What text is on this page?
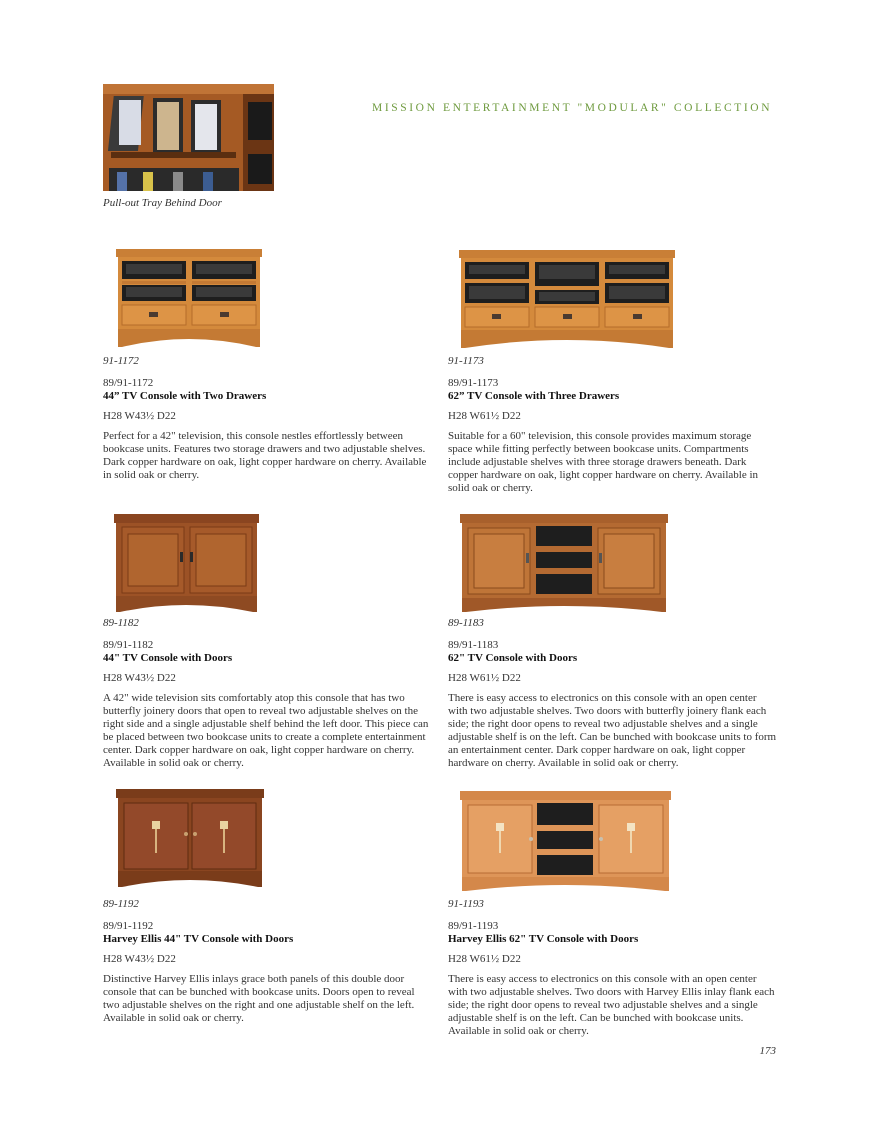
Pull-out Tray Behind Door
MISSION ENTERTAINMENT "MODULAR" COLLECTION
91-1172
89/91-1172
44” TV Console with Two Drawers
H28 W43½ D22
Perfect for a 42" television, this console nestles effortlessly between bookcase units. Features two storage drawers and two adjustable shelves. Dark copper hardware on oak, light copper hardware on cherry. Available in solid oak or cherry.
91-1173
89/91-1173
62” TV Console with Three Drawers
H28 W61½ D22
Suitable for a 60" television, this console provides maximum storage space while fitting perfectly between bookcase units. Compartments include adjustable shelves with three storage drawers beneath. Dark copper hardware on oak, light copper hardware on cherry. Available in solid oak or cherry.
89-1182
89/91-1182
44" TV Console with Doors
H28 W43½ D22
A 42" wide television sits comfortably atop this console that has two butterfly joinery doors that open to reveal two adjustable shelves on the right side and a single adjustable shelf behind the left door. This piece can be placed between two bookcase units to create a complete entertainment center. Dark copper hardware on oak, light copper hardware on cherry. Available in solid oak or cherry.
89-1183
89/91-1183
62" TV Console with Doors
H28 W61½ D22
There is easy access to electronics on this console with an open center with two adjustable shelves. Two doors with butterfly joinery flank each side; the right door opens to reveal two adjustable shelves and a single adjustable shelf is on the left. Can be bunched with bookcase units to form an entertainment center. Dark copper hardware on oak, light copper hardware on cherry. Available in solid oak or cherry.
89-1192
89/91-1192
Harvey Ellis 44" TV Console with Doors
H28 W43½ D22
Distinctive Harvey Ellis inlays grace both panels of this double door console that can be bunched with bookcase units. Doors open to reveal two adjustable shelves on the right and one adjustable shelf on the left. Available in solid oak or cherry.
91-1193
89/91-1193
Harvey Ellis 62" TV Console with Doors
H28 W61½ D22
There is easy access to electronics on this console with an open center with two adjustable shelves. Two doors with Harvey Ellis inlay flank each side; the right door opens to reveal two adjustable shelves and a single adjustable shelf is on the left. Can be bunched with bookcase units. Available in solid oak or cherry.
173
